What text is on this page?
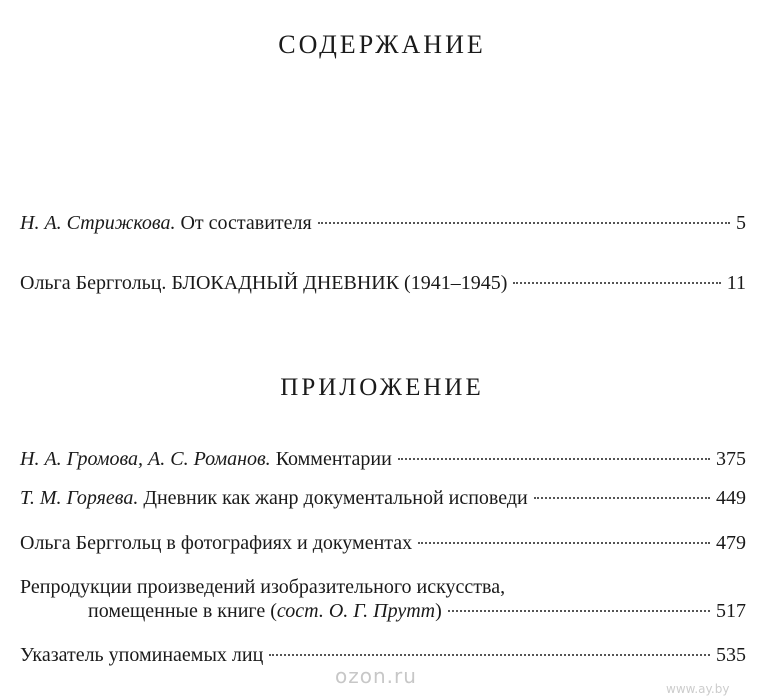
СОДЕРЖАНИЕ
Н. А. Стрижкова. От составителя	5
Ольга Берггольц. БЛОКАДНЫЙ ДНЕВНИК (1941–1945)	11
ПРИЛОЖЕНИЕ
Н. А. Громова, А. С. Романов. Комментарии	375
Т. М. Горяева. Дневник как жанр документальной исповеди	449
Ольга Берггольц в фотографиях и документах	479
Репродукции произведений изобразительного искусства,
помещенные в книге (сост. О. Г. Прутт)	517
Указатель упоминаемых лиц	535
ozon.ru
www.ay.by
